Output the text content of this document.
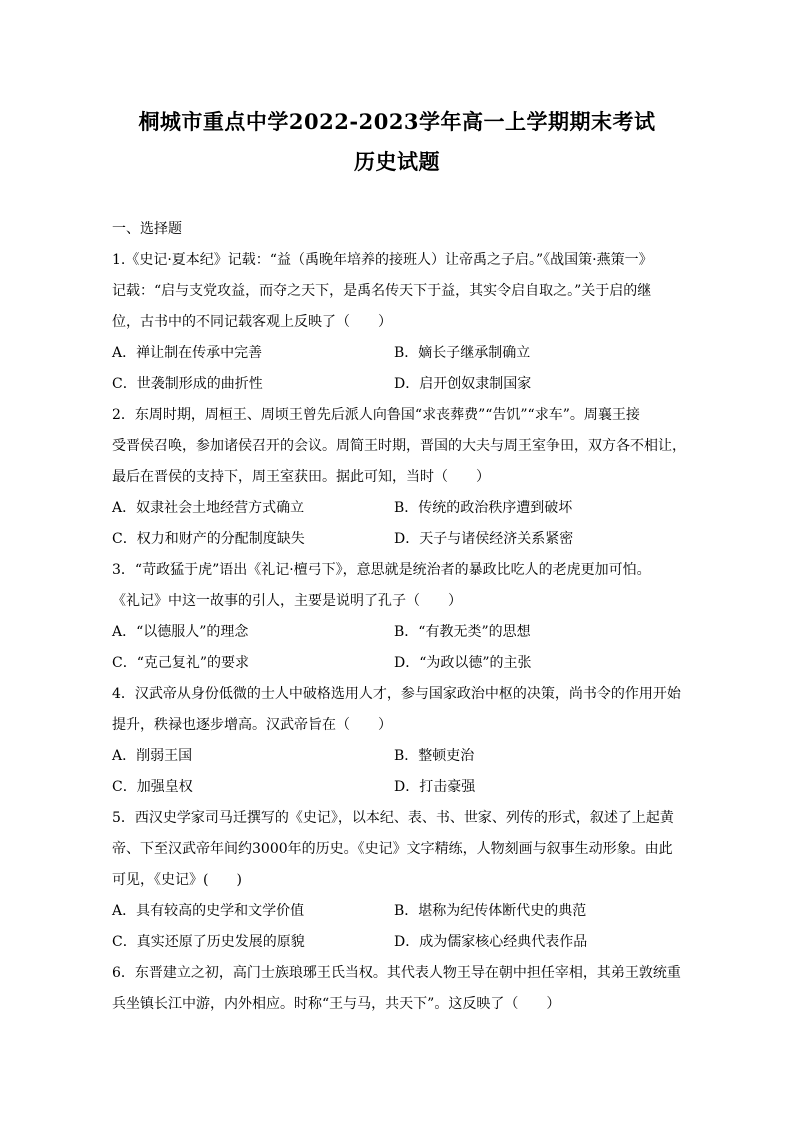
桐城市重点中学2022-2023学年高一上学期期末考试
历史试题
一、选择题
1.《史记·夏本纪》记载：“益（禹晚年培养的接班人）让帝禹之子启。”《战国策·燕策一》
记载：“启与支党攻益，而夺之天下，是禹名传天下于益，其实令启自取之。”关于启的继
位，古书中的不同记载客观上反映了（　　）
A．禅让制在传承中完善	B．嫡长子继承制确立
C．世袭制形成的曲折性	D．启开创奴隶制国家
2．东周时期，周桓王、周顷王曾先后派人向鲁国“求丧葬费”“告饥”“求车”。周襄王接
受晋侯召唤，参加诸侯召开的会议。周简王时期，晋国的大夫与周王室争田，双方各不相让，
最后在晋侯的支持下，周王室获田。据此可知，当时（　　）
A．奴隶社会土地经营方式确立	B．传统的政治秩序遭到破坏
C．权力和财产的分配制度缺失	D．天子与诸侯经济关系紧密
3．“苛政猛于虎”语出《礼记·檀弓下》，意思就是统治者的暴政比吃人的老虎更加可怕。
《礼记》中这一故事的引人，主要是说明了孔子（　　）
A．“以德服人”的理念	B．“有教无类”的思想
C．“克己复礼”的要求	D．“为政以德”的主张
4．汉武帝从身份低微的士人中破格选用人才，参与国家政治中枢的决策，尚书令的作用开始
提升，秩禄也逐步增高。汉武帝旨在（　　）
A．削弱王国	B．整顿吏治
C．加强皇权	D．打击豪强
5．西汉史学家司马迁撰写的《史记》，以本纪、表、书、世家、列传的形式，叙述了上起黄
帝、下至汉武帝年间约3000年的历史。《史记》文字精练，人物刻画与叙事生动形象。由此
可见，《史记》(　　)
A．具有较高的史学和文学价值	B．堪称为纪传体断代史的典范
C．真实还原了历史发展的原貌	D．成为儒家核心经典代表作品
6．东晋建立之初，高门士族琅琊王氏当权。其代表人物王导在朝中担任宰相，其弟王敦统重
兵坐镇长江中游，内外相应。时称“王与马，共天下”。这反映了（　　）
